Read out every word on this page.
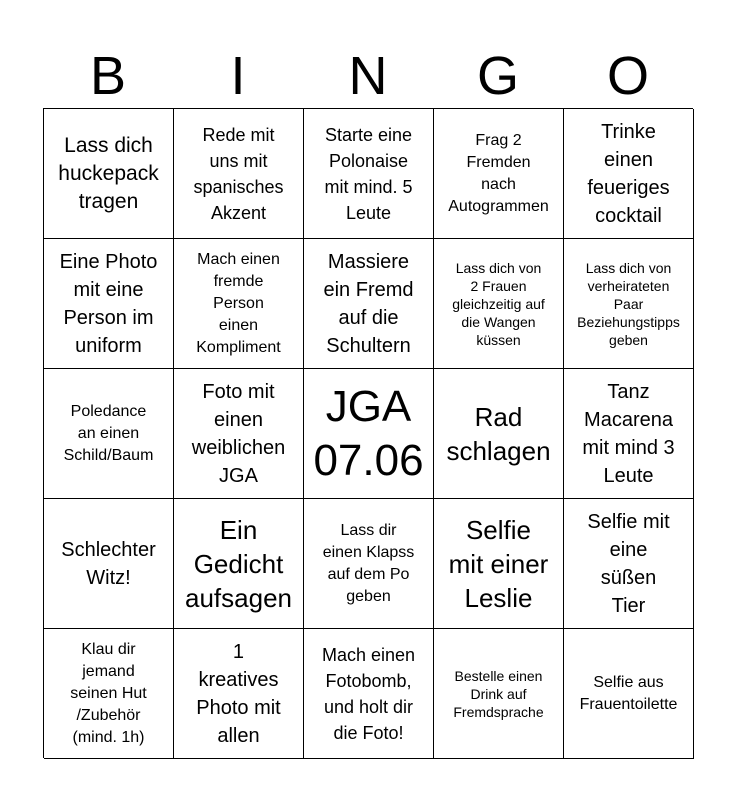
B	I	N	G	O
Lass dich
huckepack
tragen
Rede mit
uns mit
spanisches
Akzent
Starte eine
Polonaise
mit mind. 5
Leute
Frag 2
Fremden
nach
Autogrammen
Trinke
einen
feueriges
cocktail
Eine Photo
mit eine
Person im
uniform
Mach einen
fremde
Person
einen
Kompliment
Massiere
ein Fremd
auf die
Schultern
Lass dich von
2 Frauen
gleichzeitig auf
die Wangen
küssen
Lass dich von
verheirateten
Paar
Beziehungstipps
geben
Poledance
an einen
Schild/Baum
Foto mit
einen
weiblichen
JGA
JGA
07.06
Rad
schlagen
Tanz
Macarena
mit mind 3
Leute
Schlechter
Witz!
Ein
Gedicht
aufsagen
Lass dir
einen Klapss
auf dem Po
geben
Selfie
mit einer
Leslie
Selfie mit
eine
süßen
Tier
Klau dir
jemand
seinen Hut
/Zubehör
(mind. 1h)
1
kreatives
Photo mit
allen
Mach einen
Fotobomb,
und holt dir
die Foto!
Bestelle einen
Drink auf
Fremdsprache
Selfie aus
Frauentoilette
